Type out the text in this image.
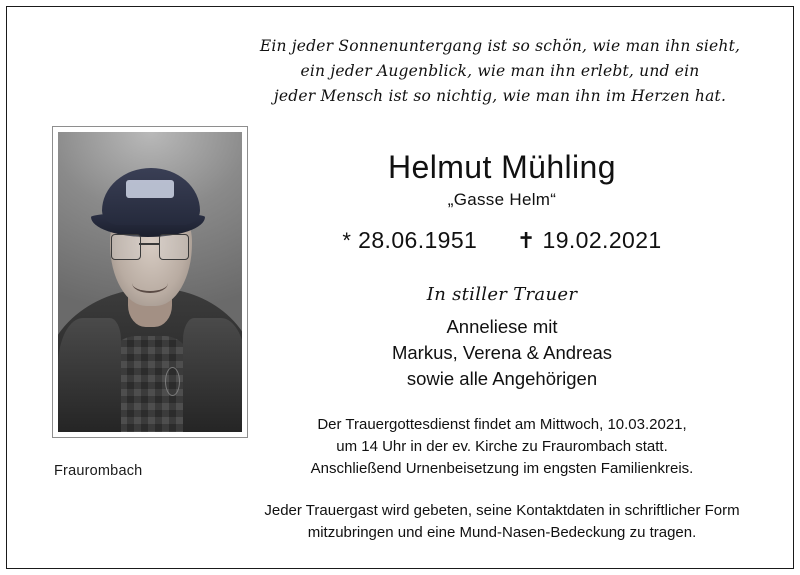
Ein jeder Sonnenuntergang ist so schön, wie man ihn sieht,
ein jeder Augenblick, wie man ihn erlebt, und ein
jeder Mensch ist so nichtig, wie man ihn im Herzen hat.
Fraurombach
Helmut Mühling
„Gasse Helm“
* 28.06.1951 ✝ 19.02.2021
In stiller Trauer
Anneliese mit
Markus, Verena & Andreas
sowie alle Angehörigen
Der Trauergottesdienst findet am Mittwoch, 10.03.2021,
um 14 Uhr in der ev. Kirche zu Fraurombach statt.
Anschließend Urnenbeisetzung im engsten Familienkreis.
Jeder Trauergast wird gebeten, seine Kontaktdaten in schriftlicher Form
mitzubringen und eine Mund-Nasen-Bedeckung zu tragen.
